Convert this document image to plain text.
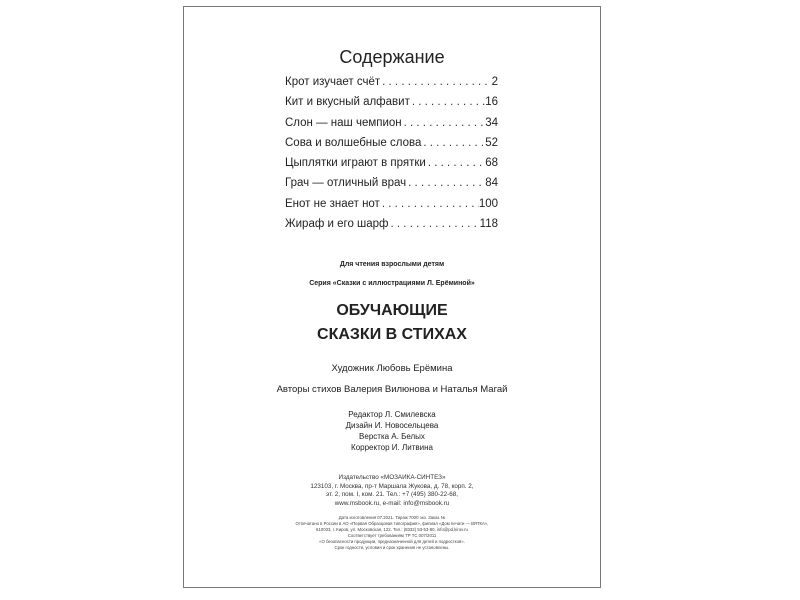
Содержание
Крот изучает счёт . . .	2
Кит и вкусный алфавит . . .	16
Слон — наш чемпион . . .	34
Сова и волшебные слова . . .	52
Цыплятки играют в прятки . . .	68
Грач — отличный врач . . .	84
Енот не знает нот . . .	100
Жираф и его шарф . . .	118
Для чтения взрослыми детям
Серия «Сказки с иллюстрациями Л. Ерёминой»
ОБУЧАЮЩИЕ
СКАЗКИ В СТИХАХ
Художник Любовь Ерёмина
Авторы стихов Валерия Вилюнова и Наталья Магай
Редактор Л. Смилевска
Дизайн И. Новосельцева
Верстка А. Белых
Корректор И. Литвина
Издательство «МОЗАИКА-СИНТЕЗ»
123103, г. Москва, пр-т Маршала Жукова, д. 78, корп. 2,
эт. 2, пом. I, ком. 21. Тел.: +7 (495) 380-22-68,
www.msbook.ru, e-mail: info@msbook.ru
Дата изготовления 07.2021. Тираж 7000 экз. Заказ №
Отпечатано в России в АО «Первая Образцовая типография», филиал «Дом печати — ВЯТКА»,
610033, г. Киров, ул. Московская, 122. Тел.: (8332) 53-53-80, info@pd.kirov.ru
Соответствует требованиям ТР ТС 007/2011
«О безопасности продукции, предназначенной для детей и подростков».
Срок годности, условия и срок хранения не установлены.
